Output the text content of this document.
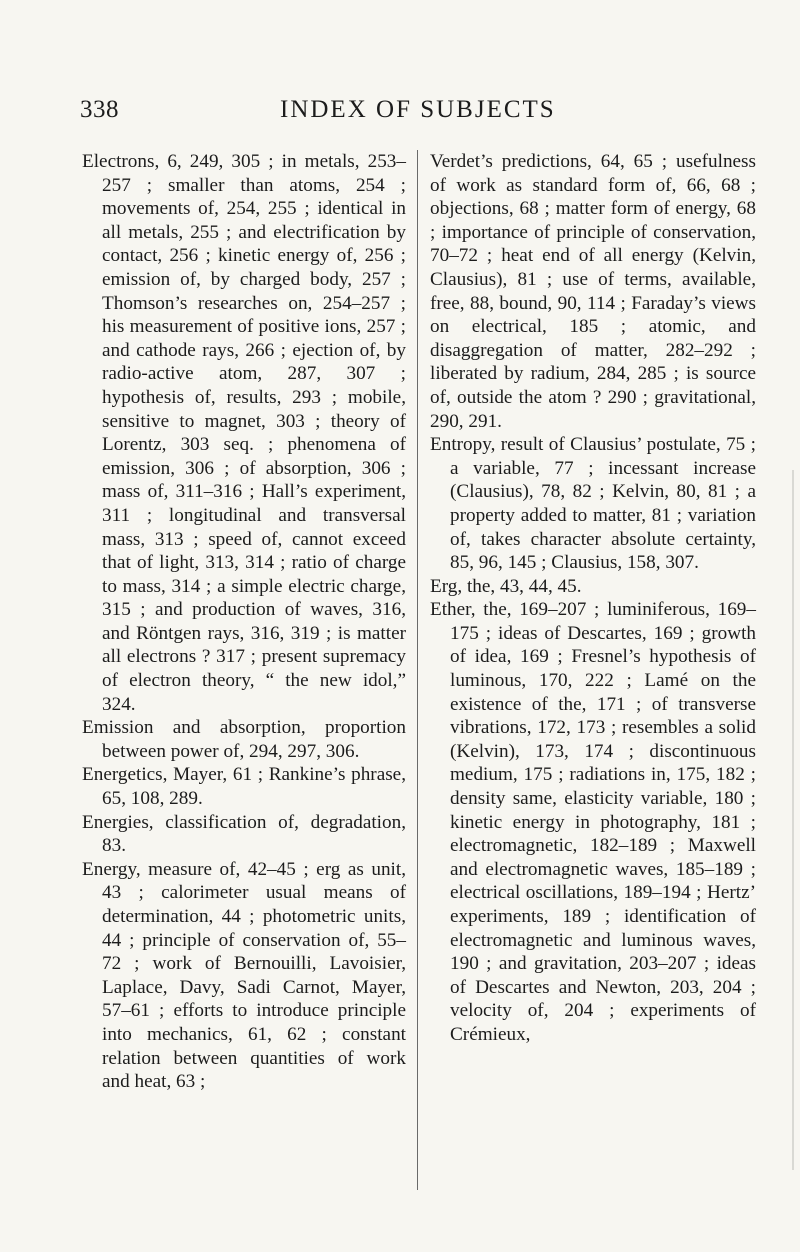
338	INDEX OF SUBJECTS

Electrons, 6, 249, 305 ; in metals, 253–257 ; smaller than atoms, 254 ; movements of, 254, 255 ; identical in all metals, 255 ; and electrification by contact, 256 ; kinetic energy of, 256 ; emission of, by charged body, 257 ; Thomson’s researches on, 254–257 ; his measurement of positive ions, 257 ; and cathode rays, 266 ; ejection of, by radio-active atom, 287, 307 ; hypothesis of, results, 293 ; mobile, sensitive to magnet, 303 ; theory of Lorentz, 303 seq. ; phenomena of emission, 306 ; of absorption, 306 ; mass of, 311–316 ; Hall’s experiment, 311 ; longitudinal and transversal mass, 313 ; speed of, cannot exceed that of light, 313, 314 ; ratio of charge to mass, 314 ; a simple electric charge, 315 ; and production of waves, 316, and Röntgen rays, 316, 319 ; is matter all electrons ? 317 ; present supremacy of electron theory, “ the new idol,” 324.

Emission and absorption, proportion between power of, 294, 297, 306.

Energetics, Mayer, 61 ; Rankine’s phrase, 65, 108, 289.

Energies, classification of, degradation, 83.

Energy, measure of, 42–45 ; erg as unit, 43 ; calorimeter usual means of determination, 44 ; photometric units, 44 ; principle of conservation of, 55–72 ; work of Bernouilli, Lavoisier, Laplace, Davy, Sadi Carnot, Mayer, 57–61 ; efforts to introduce principle into mechanics, 61, 62 ; constant relation between quantities of work and heat, 63 ;

Verdet’s predictions, 64, 65 ; usefulness of work as standard form of, 66, 68 ; objections, 68 ; matter form of energy, 68 ; importance of principle of conservation, 70–72 ; heat end of all energy (Kelvin, Clausius), 81 ; use of terms, available, free, 88, bound, 90, 114 ; Faraday’s views on electrical, 185 ; atomic, and disaggregation of matter, 282–292 ; liberated by radium, 284, 285 ; is source of, outside the atom ? 290 ; gravitational, 290, 291.

Entropy, result of Clausius’ postulate, 75 ; a variable, 77 ; incessant increase (Clausius), 78, 82 ; Kelvin, 80, 81 ; a property added to matter, 81 ; variation of, takes character absolute certainty, 85, 96, 145 ; Clausius, 158, 307.

Erg, the, 43, 44, 45.

Ether, the, 169–207 ; luminiferous, 169–175 ; ideas of Descartes, 169 ; growth of idea, 169 ; Fresnel’s hypothesis of luminous, 170, 222 ; Lamé on the existence of the, 171 ; of transverse vibrations, 172, 173 ; resembles a solid (Kelvin), 173, 174 ; discontinuous medium, 175 ; radiations in, 175, 182 ; density same, elasticity variable, 180 ; kinetic energy in photography, 181 ; electromagnetic, 182–189 ; Maxwell and electromagnetic waves, 185–189 ; electrical oscillations, 189–194 ; Hertz’ experiments, 189 ; identification of electromagnetic and luminous waves, 190 ; and gravitation, 203–207 ; ideas of Descartes and Newton, 203, 204 ; velocity of, 204 ; experiments of Crémieux,
